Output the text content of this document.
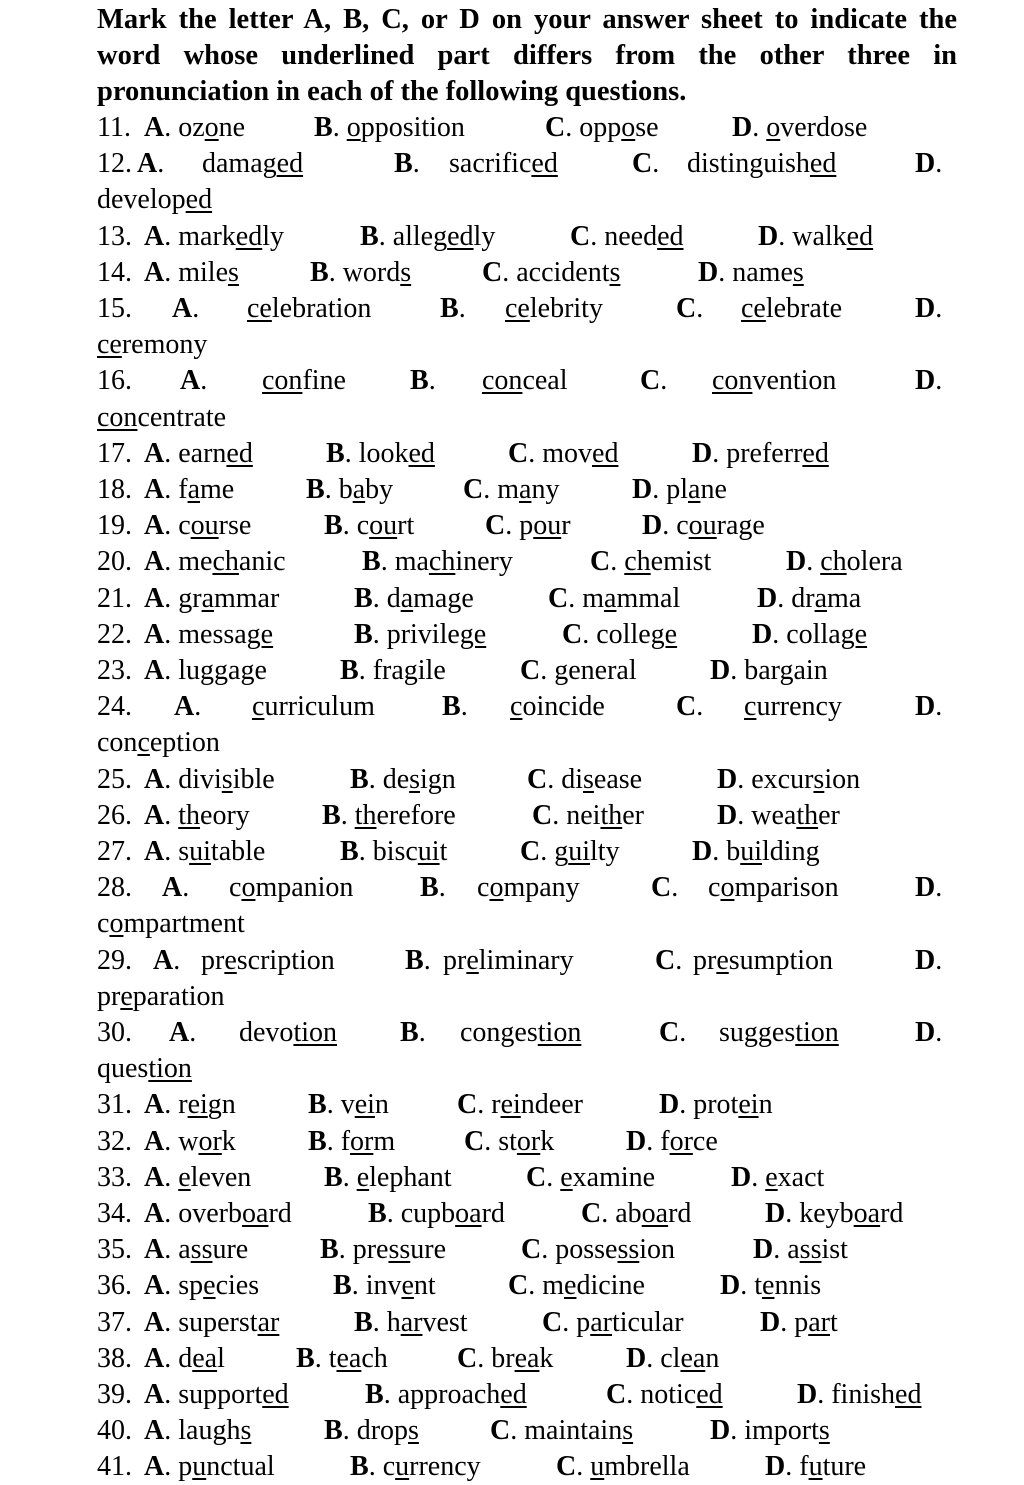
Mark the letter A, B, C, or D on your answer sheet to indicate the word whose underlined part differs from the other three in pronunciation in each of the following questions.

11. A. ozone B. opposition	C. oppose	D. overdose
12. A. damaged	B. sacrificed	C. distinguished	D.
developed
13. A. markedly	B. allegedly	C. needed	D. walked
14. A. miles	B. words	C. accidents	D. names
15. A. celebration B. celebrity	C. celebrate	D.
ceremony
16. A. confine B. conceal	C. convention	D.
concentrate
17. A. earned	B. looked	C. moved	D. preferred
18. A. fame	B. baby C. many	D. plane
19. A. course	B. court	C. pour	D. courage
20. A. mechanic	B. machinery	C. chemist	D. cholera
21. A. grammar	B. damage	C. mammal	D. drama
22. A. message	B. privilege	C. college	D. collage
23. A. luggage	B. fragile	C. general	D. bargain
24. A. curriculum B. coincide	C. currency	D.
conception
25. A. divisible	B. design	C. disease	D. excursion
26. A. theory	B. therefore	C. neither	D. weather
27. A. suitable	B. biscuit	C. guilty	D. building
28. A. companion B. company	C. comparison	D.
compartment
29. A. prescription	B. preliminary	C. presumption	D.
preparation
30. A. devotion B. congestion	C. suggestion	D.
question
31. A. reign	B. vein C. reindeer	D. protein
32. A. work	B. form C. stork	D. force
33. A. eleven	B. elephant	C. examine	D. exact
34. A. overboard	B. cupboard	C. aboard	D. keyboard
35. A. assure	B. pressure	C. possession	D. assist
36. A. species	B. invent	C. medicine	D. tennis
37. A. superstar	B. harvest	C. particular	D. part
38. A. deal	B. teach C. break	D. clean
39. A. supported	B. approached	C. noticed	D. finished
40. A. laughs	B. drops	C. maintains	D. imports
41. A. punctual	B. currency	C. umbrella	D. future
